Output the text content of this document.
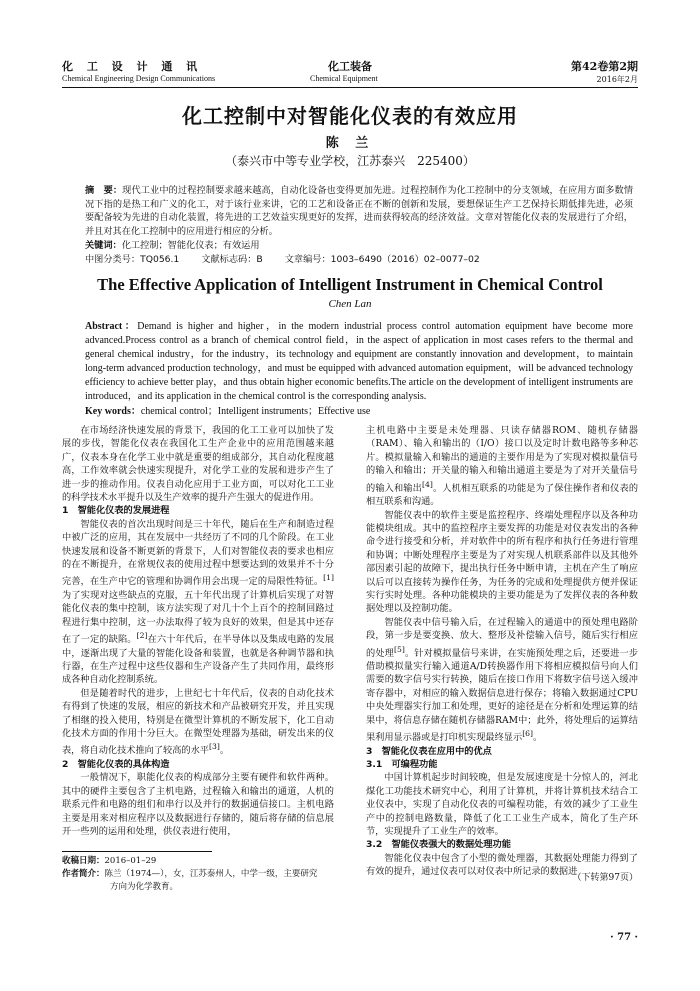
化 工 设 计 通 讯
Chemical Engineering Design Communications
化工装备
Chemical Equipment
第42卷第2期
2016年2月
化工控制中对智能化仪表的有效应用
陈 兰
（泰兴市中等专业学校，江苏泰兴　225400）
摘　要：现代工业中的过程控制要求越来越高，自动化设备也变得更加先进。过程控制作为化工控制中的分支领域，在应用方面多数情况下指的是热工和广义的化工，对于该行业来讲，它的工艺和设备正在不断的创新和发展，要想保证生产工艺保持长期低排先进，必须要配备较为先进的自动化装置，将先进的工艺效益实现更好的发挥，进而获得较高的经济效益。文章对智能化仪表的发展进行了介绍，并且对其在化工控制中的应用进行相应的分析。
关键词：化工控制；智能化仪表；有效运用
中图分类号：TQ056.1 文献标志码：B 文章编号：1003–6490（2016）02–0077–02
The Effective Application of Intelligent Instrument in Chemical Control
Chen Lan
Abstract：Demand is higher and higher，in the modern industrial process control automation equipment have become more advanced.Process control as a branch of chemical control field，in the aspect of application in most cases refers to the thermal and general chemical industry，for the industry，its technology and equipment are constantly innovation and development，to maintain long-term advanced production technology，and must be equipped with advanced automation equipment，will be advanced technology efficiency to achieve better play，and thus obtain higher economic benefits.The article on the development of intelligent instruments are introduced，and its application in the chemical control is the corresponding analysis.
Key words：chemical control；Intelligent instruments；Effective use

在市场经济快速发展的背景下，我国的化工工业可以加快了发展的步伐，智能化仪表在我国化工生产企业中的应用范围越来越广，仪表本身在化学工业中就是重要的组成部分，其自动化程度越高，工作效率就会快速实现提升，对化学工业的发展和进步产生了进一步的推动作用。仪表自动化应用于工业方面，可以对化工工业的科学技术水平提升以及生产效率的提升产生强大的促进作用。

1　智能化仪表的发展进程

智能仪表的首次出现时间是三十年代，随后在生产和制造过程中被广泛的应用，其在发展中一共经历了不同的几个阶段。在工业快速发展和设备不断更新的背景下，人们对智能仪表的要求也相应的在不断提升，在常规仪表的使用过程中想要达到的效果并不十分完善，在生产中它的管理和协调作用会出现一定的局限性特征。[1]为了实现对这些缺点的克服，五十年代出现了计算机后实现了对智能化仪表的集中控制，该方法实现了对几十个上百个的控制回路过程进行集中控制，这一办法取得了较为良好的效果，但是其中还存在了一定的缺陷。[2]在六十年代后，在半导体以及集成电路的发展中，逐渐出现了大量的智能化设备和装置，也就是各种调节器和执行器，在生产过程中这些仪器和生产设备产生了共同作用，最终形成各种自动化控制系统。

但是随着时代的进步，上世纪七十年代后，仪表的自动化技术有得到了快速的发展，相应的新技术和产品被研究开发，并且实现了相继的投入使用，特别是在微型计算机的不断发展下，化工自动化技术方面的作用十分巨大。在微型处理器为基础，研发出来的仪表，将自动化技术推向了较高的水平[3]。

2　智能化仪表的具体构造

一般情况下，职能化仪表的构成部分主要有硬件和软件两种。其中的硬件主要包含了主机电路，过程输入和输出的通道，人机的联系元件和电路的组们和串行以及并行的数据通信接口。主机电路主要是用来对相应程序以及数据进行存储的，随后将存储的信息展开一些列的运用和处理，供仪表进行使用，

收稿日期：2016–01–29
作者简介：陈兰（1974—），女，江苏泰州人，中学一级，主要研究
方向为化学教育。

主机电路中主要是未处理器、只读存储器ROM、随机存储器（RAM）、输入和输出的（I/O）接口以及定时计数电路等多种芯片。模拟量输入和输出的通道的主要作用是为了实现对模拟量信号的输入和输出；开关量的输入和输出通道主要是为了对开关量信号的输入和输出[4]。人机相互联系的功能是为了保住操作者和仪表的相互联系和沟通。

智能仪表中的软件主要是监控程序、终端处理程序以及各种功能模块组成。其中的监控程序主要发挥的功能是对仪表发出的各种命令进行接受和分析，并对软件中的所有程序和执行任务进行管理和协调；中断处理程序主要是为了对实现人机联系部件以及其他外部因素引起的故障下，提出执行任务中断申请，主机在产生了响应以后可以直接转为操作任务，为任务的完成和处理提供方便并保证实行实时处理。各种功能模块的主要功能是为了发挥仪表的各种数据处理以及控制功能。

智能仪表中信号输入后，在过程输入的通道中的预处理电路阶段，第一步是要变换、放大、整形及补偿输入信号，随后实行相应的处理[5]。针对模拟量信号来讲，在实施预处理之后，还要进一步借助模拟量实行输入通道A/D转换器作用下将相应模拟信号向人们需要的数字信号实行转换，随后在接口作用下将数字信号送入缓冲寄存器中，对相应的输入数据信息进行保存；将输入数据通过CPU中央处理器实行加工和处理，更好的途径是在分析和处理运算的结果中，将信息存储在随机存储器RAM中；此外，将处理后的运算结果利用显示器或是打印机实现最终显示[6]。

3　智能化仪表在应用中的优点
3.1　可编程功能

中国计算机起步时间较晚，但是发展速度是十分惊人的，河北煤化工功能技术研究中心，利用了计算机，并将计算机技术结合工业仪表中，实现了自动化仪表的可编程功能，有效的减少了工业生产中的控制电路数量，降低了化工工业生产成本，简化了生产环节，实现提升了工业生产的效率。

3.2　智能仪表强大的数据处理功能

智能化仪表中包含了小型的微处理器，其数据处理能力得到了有效的提升，通过仪表可以对仪表中所记录的数据进

（下转第97页）
· 77 ·
